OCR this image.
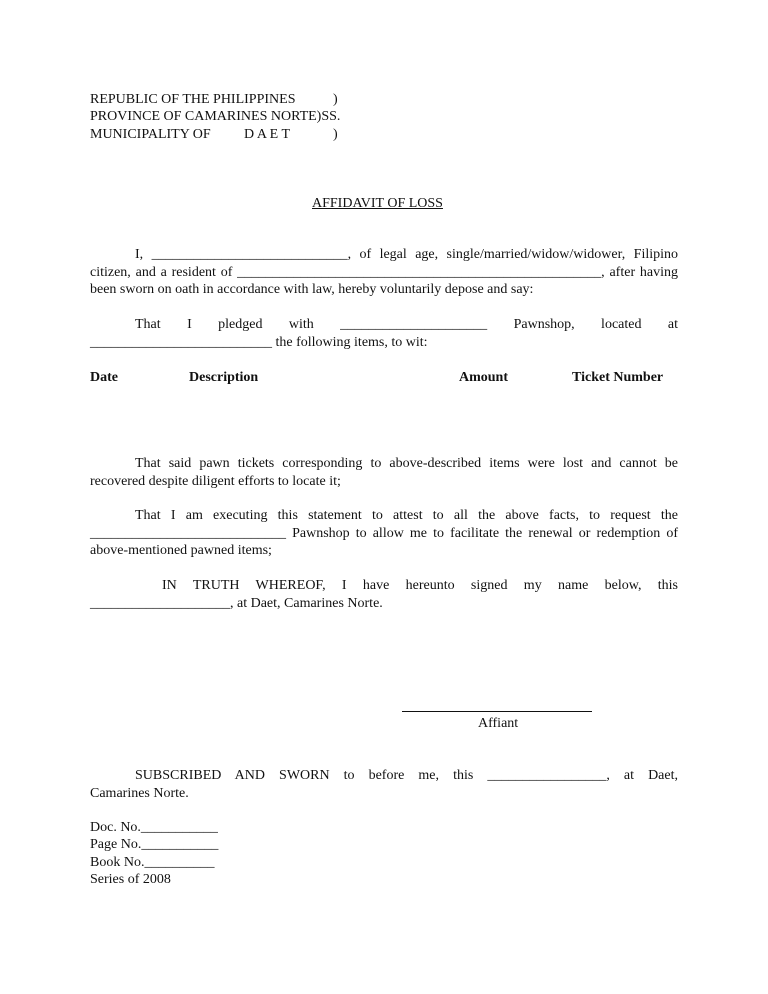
REPUBLIC OF THE PHILIPPINES	)
PROVINCE OF CAMARINES NORTE)SS.
MUNICIPALITY OF D A E T	)
AFFIDAVIT OF LOSS
I, ____________________________, of legal age, single/married/widow/widower, Filipino
citizen, and a resident of ____________________________________________________, after having
been sworn on oath in accordance with law, hereby voluntarily depose and say:
That I pledged with _____________________ Pawnshop, located at
__________________________ the following items, to wit:
Date	Description	Amount	Ticket Number
That said pawn tickets corresponding to above-described items were lost and cannot be
recovered despite diligent efforts to locate it;
That I am executing this statement to attest to all the above facts, to request the
____________________________ Pawnshop to allow me to facilitate the renewal or redemption of
above-mentioned pawned items;
IN TRUTH WHEREOF, I have hereunto signed my name below, this
____________________, at Daet, Camarines Norte.
Affiant
SUBSCRIBED AND SWORN to before me, this _________________, at Daet,
Camarines Norte.
Doc. No.___________
Page No.___________
Book No.__________
Series of 2008
